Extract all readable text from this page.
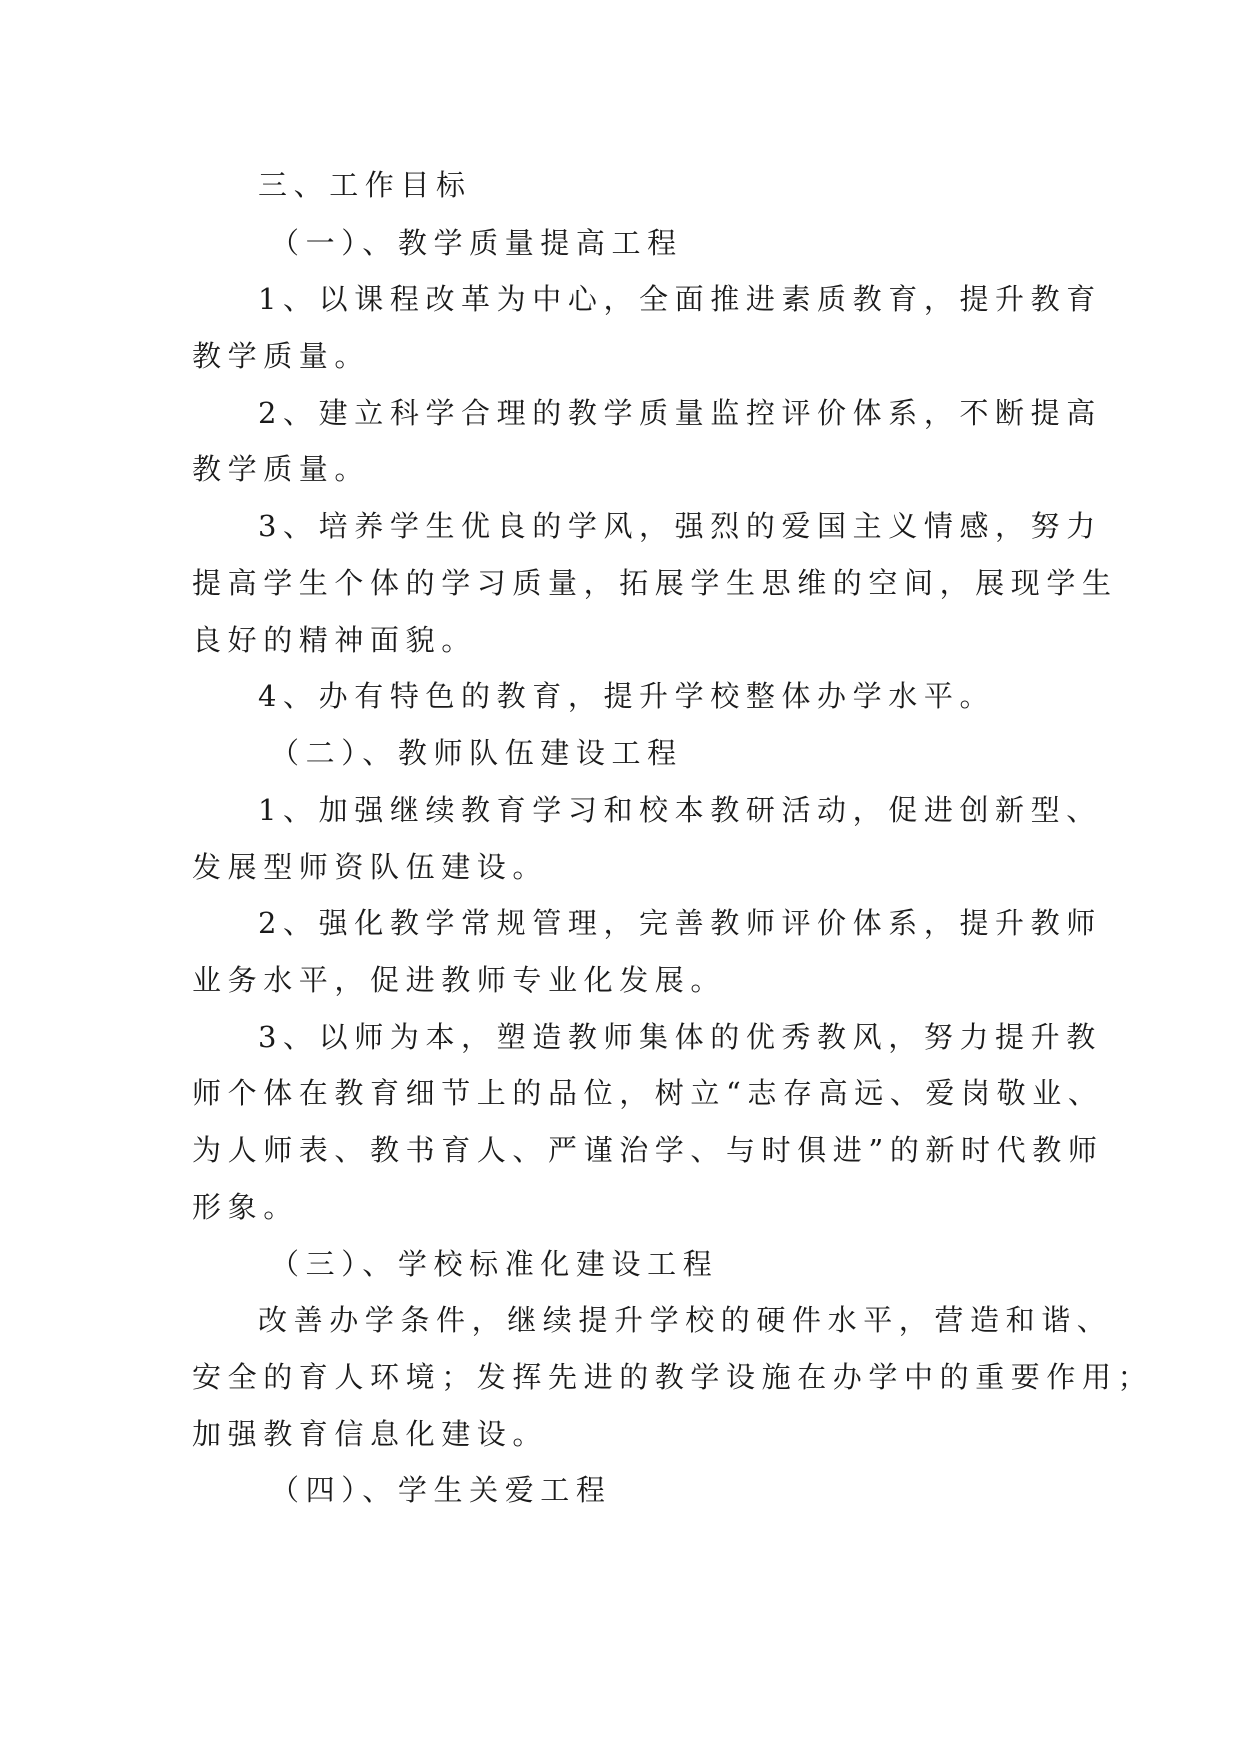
三、工作目标
（一）、教学质量提高工程
1、以课程改革为中心，全面推进素质教育，提升教育
教学质量。
2、建立科学合理的教学质量监控评价体系，不断提高
教学质量。
3、培养学生优良的学风，强烈的爱国主义情感，努力
提高学生个体的学习质量，拓展学生思维的空间，展现学生
良好的精神面貌。
4、办有特色的教育，提升学校整体办学水平。
（二）、教师队伍建设工程
1、加强继续教育学习和校本教研活动，促进创新型、
发展型师资队伍建设。
2、强化教学常规管理，完善教师评价体系，提升教师
业务水平，促进教师专业化发展。
3、以师为本，塑造教师集体的优秀教风，努力提升教
师个体在教育细节上的品位，树立“志存高远、爱岗敬业、
为人师表、教书育人、严谨治学、与时俱进”的新时代教师
形象。
（三）、学校标准化建设工程
改善办学条件，继续提升学校的硬件水平，营造和谐、
安全的育人环境；发挥先进的教学设施在办学中的重要作用；
加强教育信息化建设。
（四）、学生关爱工程
